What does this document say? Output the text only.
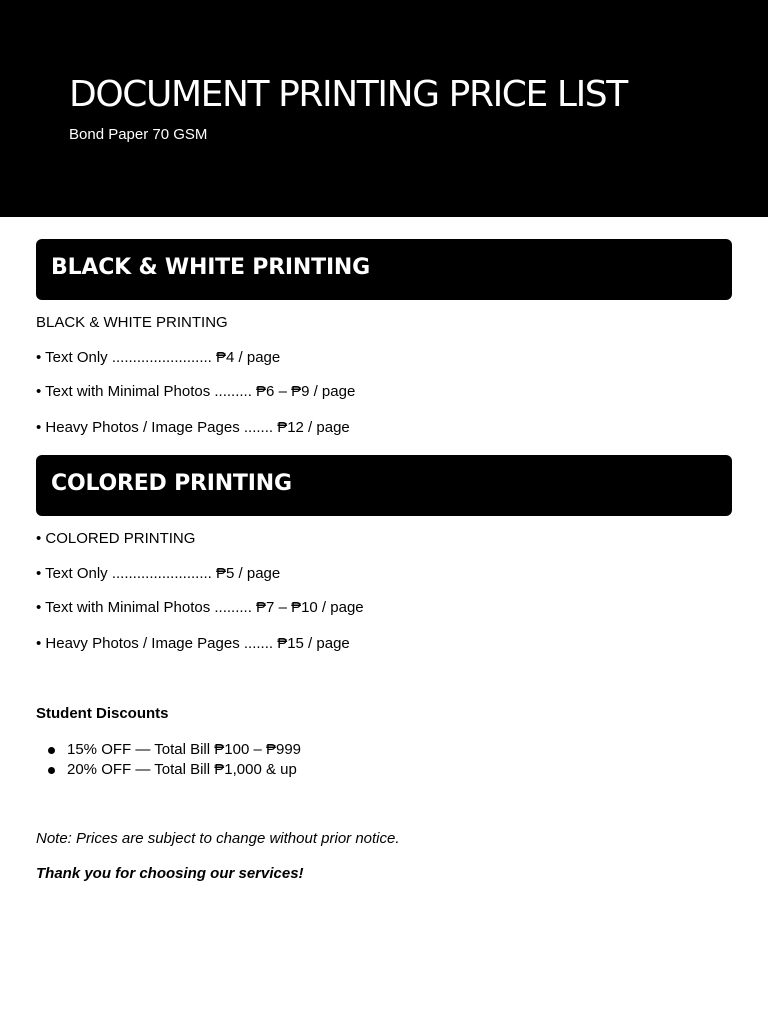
DOCUMENT PRINTING PRICE LIST

Bond Paper 70 GSM

BLACK & WHITE PRINTING

BLACK & WHITE PRINTING

• Text Only ........................ ₱4 / page

• Text with Minimal Photos ......... ₱6 – ₱9 / page

• Heavy Photos / Image Pages ....... ₱12 / page

COLORED PRINTING

• COLORED PRINTING

• Text Only ........................ ₱5 / page

• Text with Minimal Photos ......... ₱7 – ₱10 / page

• Heavy Photos / Image Pages ....... ₱15 / page

Student Discounts

15% OFF — Total Bill ₱100 – ₱999
20% OFF — Total Bill ₱1,000 & up

Note: Prices are subject to change without prior notice.

Thank you for choosing our services!
